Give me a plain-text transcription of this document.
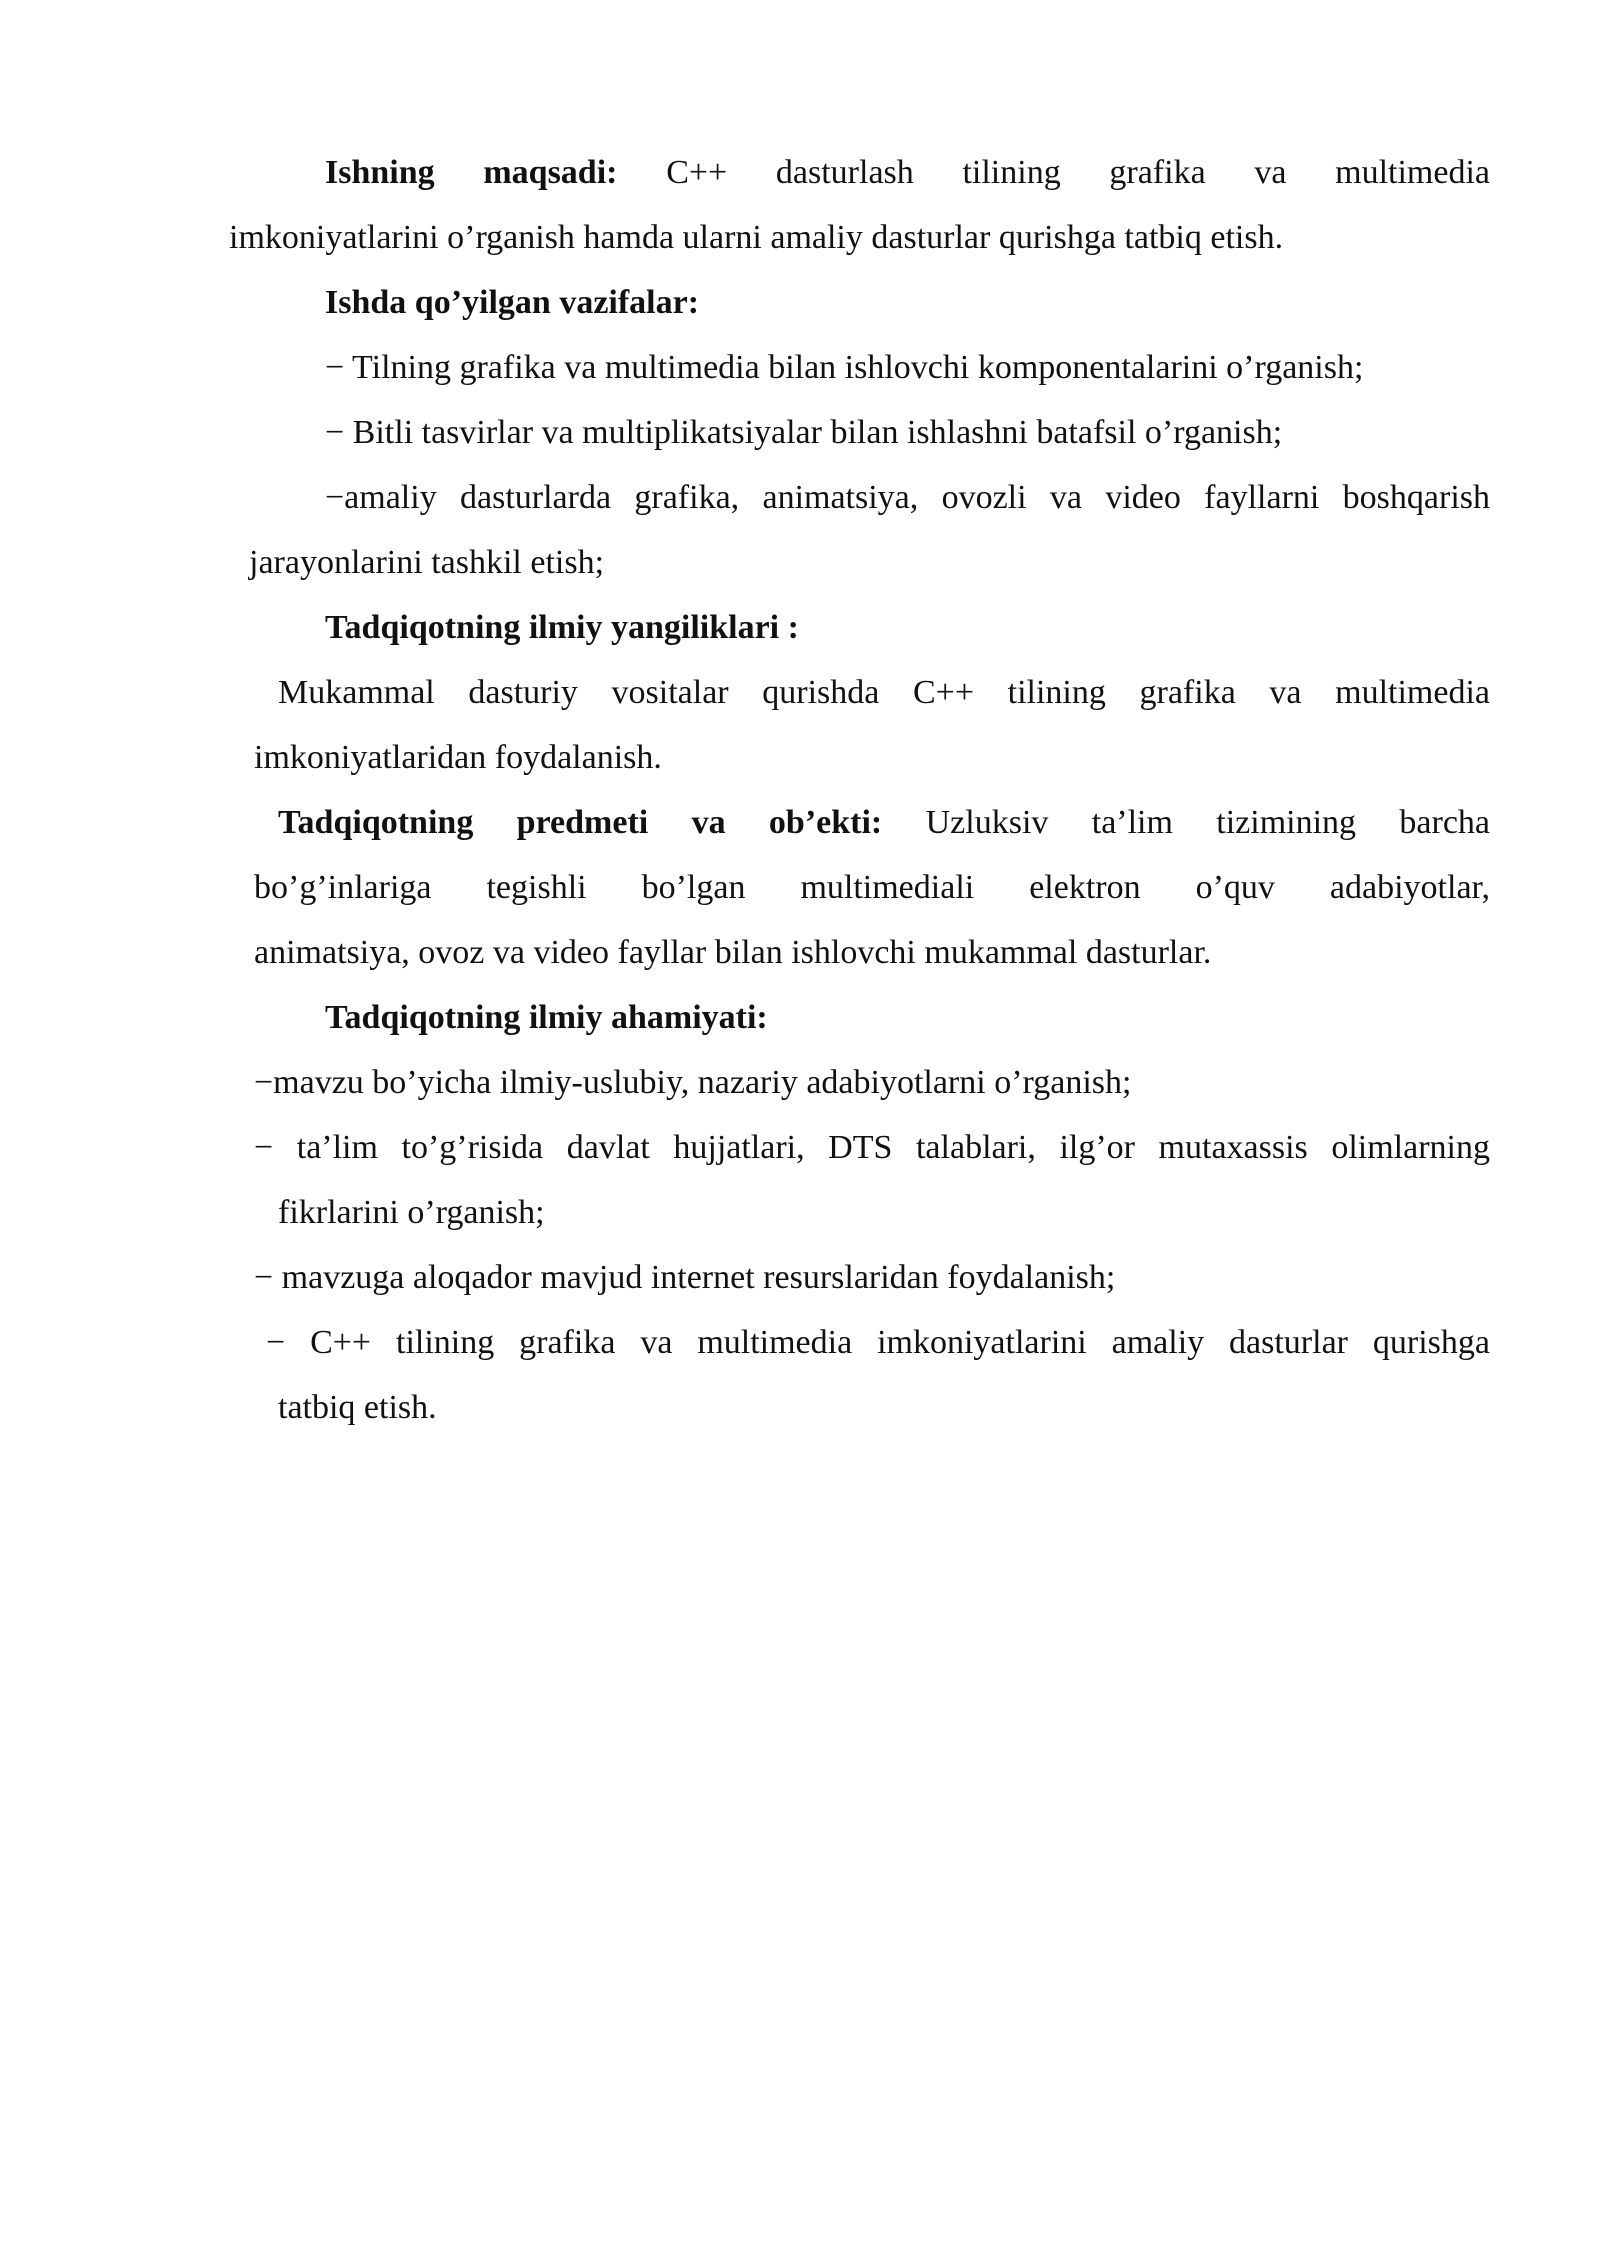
Ishning maqsadi: C++ dasturlash tilining grafika va multimedia
imkoniyatlarini o’rganish hamda ularni amaliy dasturlar qurishga tatbiq etish.
Ishda qo’yilgan vazifalar:
− Tilning grafika va multimedia bilan ishlovchi komponentalarini o’rganish;
− Bitli tasvirlar va multiplikatsiyalar bilan ishlashni batafsil o’rganish;
−amaliy dasturlarda grafika, animatsiya, ovozli va video fayllarni boshqarish
jarayonlarini tashkil etish;
Tadqiqotning ilmiy yangiliklari :
Mukammal dasturiy vositalar qurishda C++ tilining grafika va multimedia
imkoniyatlaridan foydalanish.
Tadqiqotning predmeti va ob’ekti: Uzluksiv ta’lim tizimining barcha
bo’g’inlariga tegishli bo’lgan multimediali elektron o’quv adabiyotlar,
animatsiya, ovoz va video fayllar bilan ishlovchi mukammal dasturlar.
Tadqiqotning ilmiy ahamiyati:
−mavzu bo’yicha ilmiy-uslubiy, nazariy adabiyotlarni o’rganish;
− ta’lim to’g’risida davlat hujjatlari, DTS talablari, ilg’or mutaxassis olimlarning
fikrlarini o’rganish;
− mavzuga aloqador mavjud internet resurslaridan foydalanish;
− C++ tilining grafika va multimedia imkoniyatlarini amaliy dasturlar qurishga
tatbiq etish.
